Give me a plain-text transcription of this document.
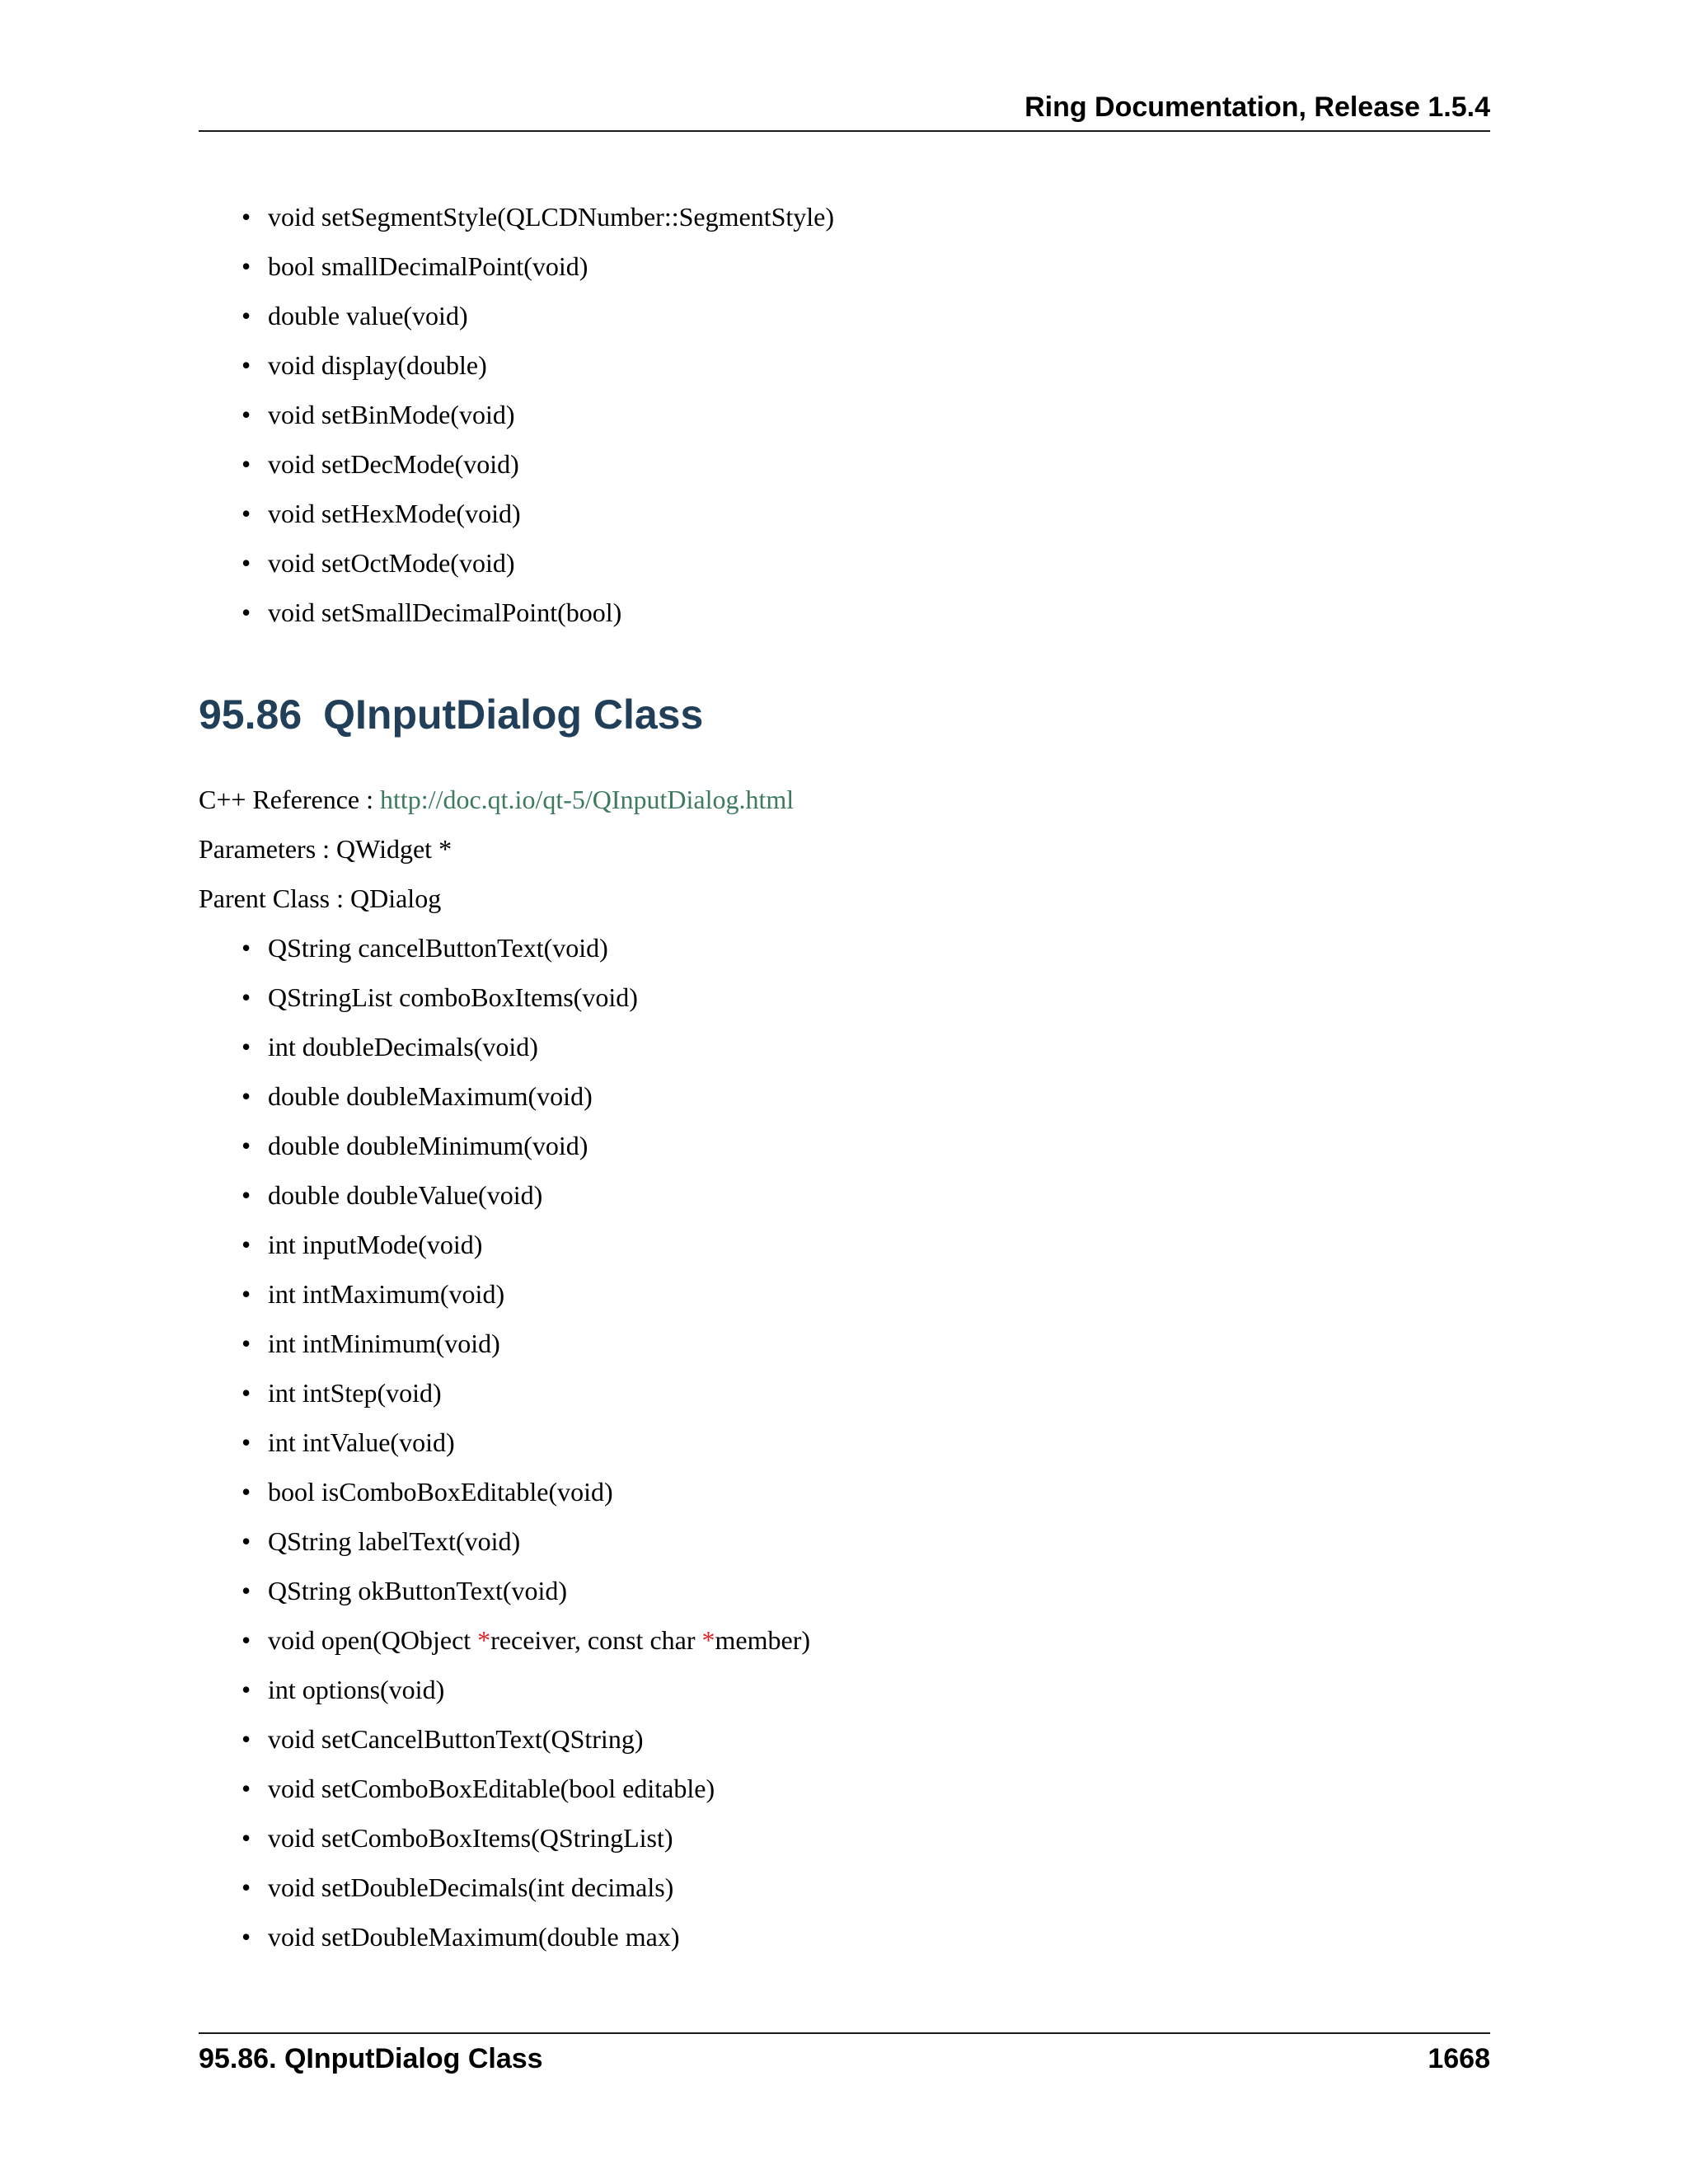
Ring Documentation, Release 1.5.4
• void setSegmentStyle(QLCDNumber::SegmentStyle)
• bool smallDecimalPoint(void)
• double value(void)
• void display(double)
• void setBinMode(void)
• void setDecMode(void)
• void setHexMode(void)
• void setOctMode(void)
• void setSmallDecimalPoint(bool)
95.86 QInputDialog Class
C++ Reference : http://doc.qt.io/qt-5/QInputDialog.html
Parameters : QWidget *
Parent Class : QDialog
• QString cancelButtonText(void)
• QStringList comboBoxItems(void)
• int doubleDecimals(void)
• double doubleMaximum(void)
• double doubleMinimum(void)
• double doubleValue(void)
• int inputMode(void)
• int intMaximum(void)
• int intMinimum(void)
• int intStep(void)
• int intValue(void)
• bool isComboBoxEditable(void)
• QString labelText(void)
• QString okButtonText(void)
• void open(QObject *receiver, const char *member)
• int options(void)
• void setCancelButtonText(QString)
• void setComboBoxEditable(bool editable)
• void setComboBoxItems(QStringList)
• void setDoubleDecimals(int decimals)
• void setDoubleMaximum(double max)
95.86. QInputDialog Class	1668
